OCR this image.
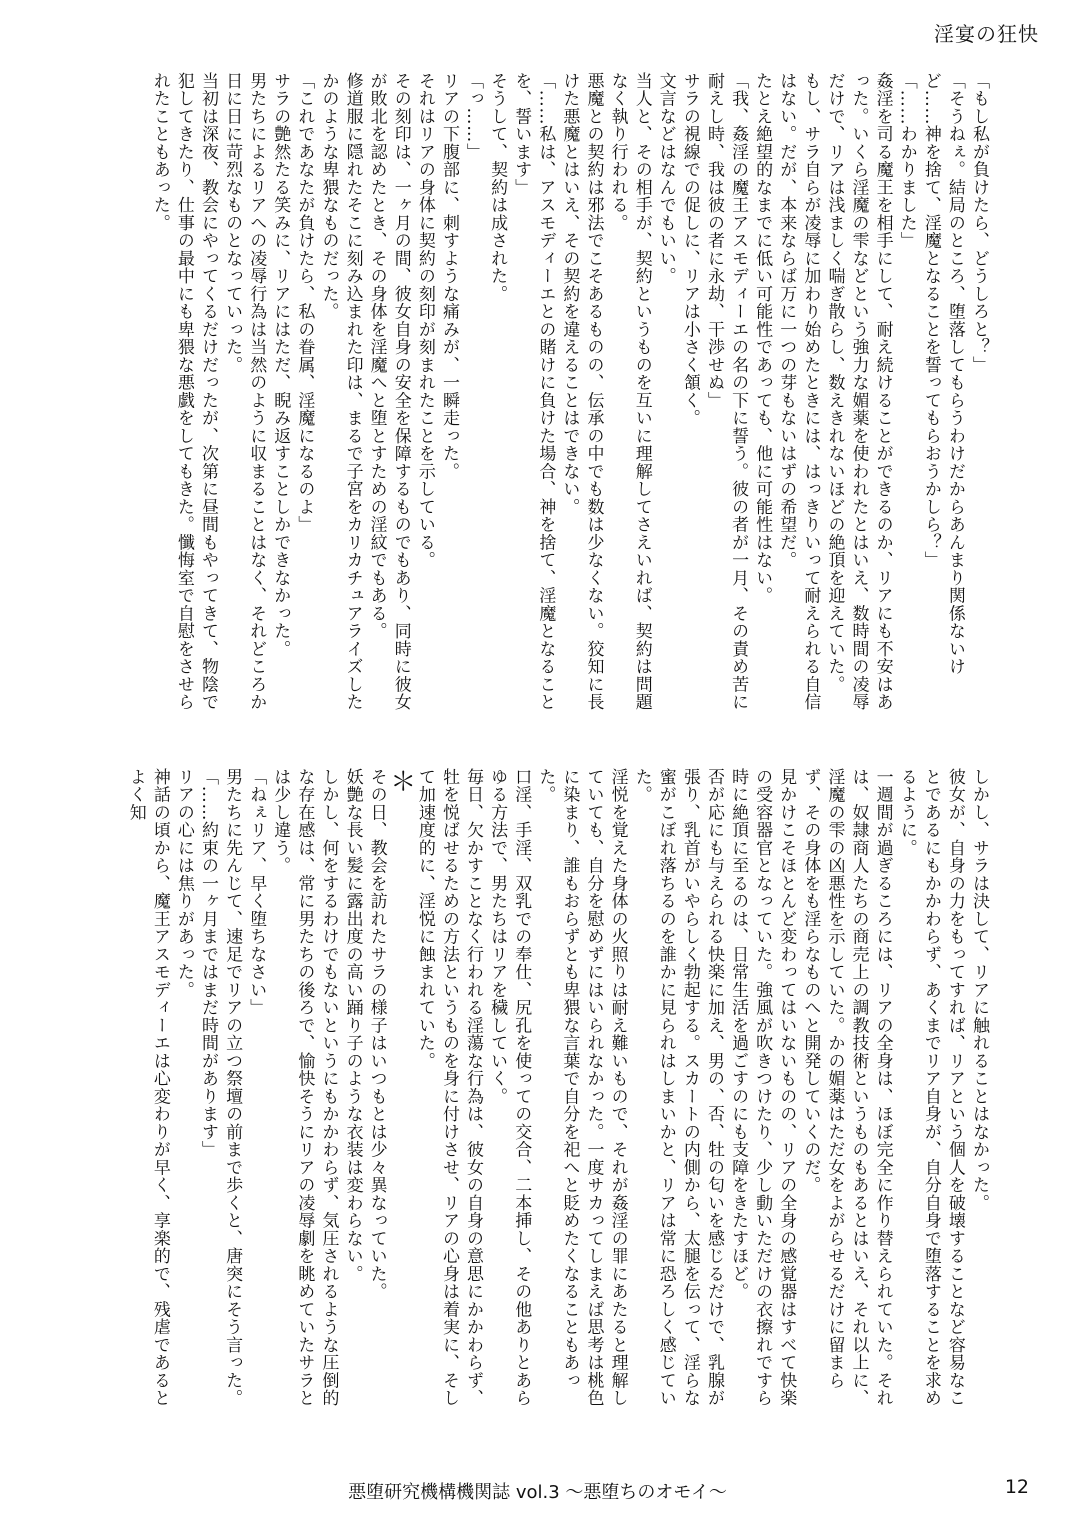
淫宴の狂快

「もし私が負けたら、どうしろと？」

「そうねぇ。結局のところ、堕落してもらうわけだからあんまり関係ないけど……神を捨て、淫魔となることを誓ってもらおうかしら？」

「……わかりました」

姦淫を司る魔王を相手にして、耐え続けることができるのか、リアにも不安はあった。いくら淫魔の雫などという強力な媚薬を使われたとはいえ、数時間の凌辱だけで、リアは浅ましく喘ぎ散らし、数えきれないほどの絶頂を迎えていた。

もし、サラ自らが凌辱に加わり始めたときには、はっきりいって耐えられる自信はない。だが、本来ならば万に一つの芽もないはずの希望だ。

たとえ絶望的なまでに低い可能性であっても、他に可能性はない。

「我、姦淫の魔王アスモディーエの名の下に誓う。彼の者が一月、その責め苦に耐えし時、我は彼の者に永劫、干渉せぬ」

サラの視線での促しに、リアは小さく頷く。

文言などはなんでもいい。

当人と、その相手が、契約というものを互いに理解してさえいれば、契約は問題なく執り行われる。

悪魔との契約は邪法でこそあるものの、伝承の中でも数は少なくない。狡知に長けた悪魔とはいえ、その契約を違えることはできない。

「……私は、アスモディーエとの賭けに負けた場合、神を捨て、淫魔となることを、誓います」

そうして、契約は成された。

「っ……」

リアの下腹部に、刺すような痛みが、一瞬走った。

それはリアの身体に契約の刻印が刻まれたことを示している。

その刻印は、一ヶ月の間、彼女自身の安全を保障するものでもあり、同時に彼女が敗北を認めたとき、その身体を淫魔へと堕とすための淫紋でもある。

修道服に隠れたそこに刻み込まれた印は、まるで子宮をカリカチュアライズしたかのような卑猥なものだった。

「これであなたが負けたら、私の眷属、淫魔になるのよ」

サラの艶然たる笑みに、リアにはただ、睨み返すことしかできなかった。

男たちによるリアへの凌辱行為は当然のように収まることはなく、それどころか日に日に苛烈なものとなっていった。

当初は深夜、教会にやってくるだけだったが、次第に昼間もやってきて、物陰で犯してきたり、仕事の最中にも卑猥な悪戯をしてもきた。懺悔室で自慰をさせられたこともあった。

しかし、サラは決して、リアに触れることはなかった。

彼女が、自身の力をもってすれば、リアという個人を破壊することなど容易なことであるにもかかわらず、あくまでリア自身が、自分自身で堕落することを求めるように。

一週間が過ぎるころには、リアの全身は、ほぼ完全に作り替えられていた。それは、奴隷商人たちの商売上の調教技術というものもあるとはいえ、それ以上に、淫魔の雫の凶悪性を示していた。かの媚薬はただ女をよがらせるだけに留まらず、その身体をも淫らなものへと開発していくのだ。

見かけこそほとんど変わってはいないものの、リアの全身の感覚器はすべて快楽の受容器官となっていた。強風が吹きつけたり、少し動いただけの衣擦れですら時に絶頂に至るのは、日常生活を過ごすのにも支障をきたすほど。

否が応にも与えられる快楽に加え、男の、否、牡の匂いを感じるだけで、乳腺が張り、乳首がいやらしく勃起する。スカートの内側から、太腿を伝って、淫らな蜜がこぼれ落ちるのを誰かに見られはしまいかと、リアは常に恐ろしく感じていた。

淫悦を覚えた身体の火照りは耐え難いもので、それが姦淫の罪にあたると理解していても、自分を慰めずにはいられなかった。一度サカってしまえば思考は桃色に染まり、誰もおらずとも卑猥な言葉で自分を祀へと貶めたくなることもあった。

口淫、手淫、双乳での奉仕、尻孔を使っての交合、二本挿し、その他ありとあらゆる方法で、男たちはリアを穢していく。

毎日、欠かすことなく行われる淫蕩な行為は、彼女の自身の意思にかかわらず、牡を悦ばせるための方法というものを身に付けさせ、リアの心身は着実に、そして加速度的に、淫悦に蝕まれていた。

＊

その日、教会を訪れたサラの様子はいつもとは少々異なっていた。

妖艶な長い髪に露出度の高い踊り子のような衣装は変わらない。

しかし、何をするわけでもないというにもかかわらず、気圧されるような圧倒的な存在感は、常に男たちの後ろで、愉快そうにリアの凌辱劇を眺めていたサラとは少し違う。

「ねぇリア、早く堕ちなさい」

男たちに先んじて、速足でリアの立つ祭壇の前まで歩くと、唐突にそう言った。

「……約束の一ヶ月まではまだ時間があります」

リアの心には焦りがあった。

神話の頃から、魔王アスモディーエは心変わりが早く、享楽的で、残虐であるとよく知

悪堕研究機構機関誌 vol.3 ～悪堕ちのオモイ～	12
